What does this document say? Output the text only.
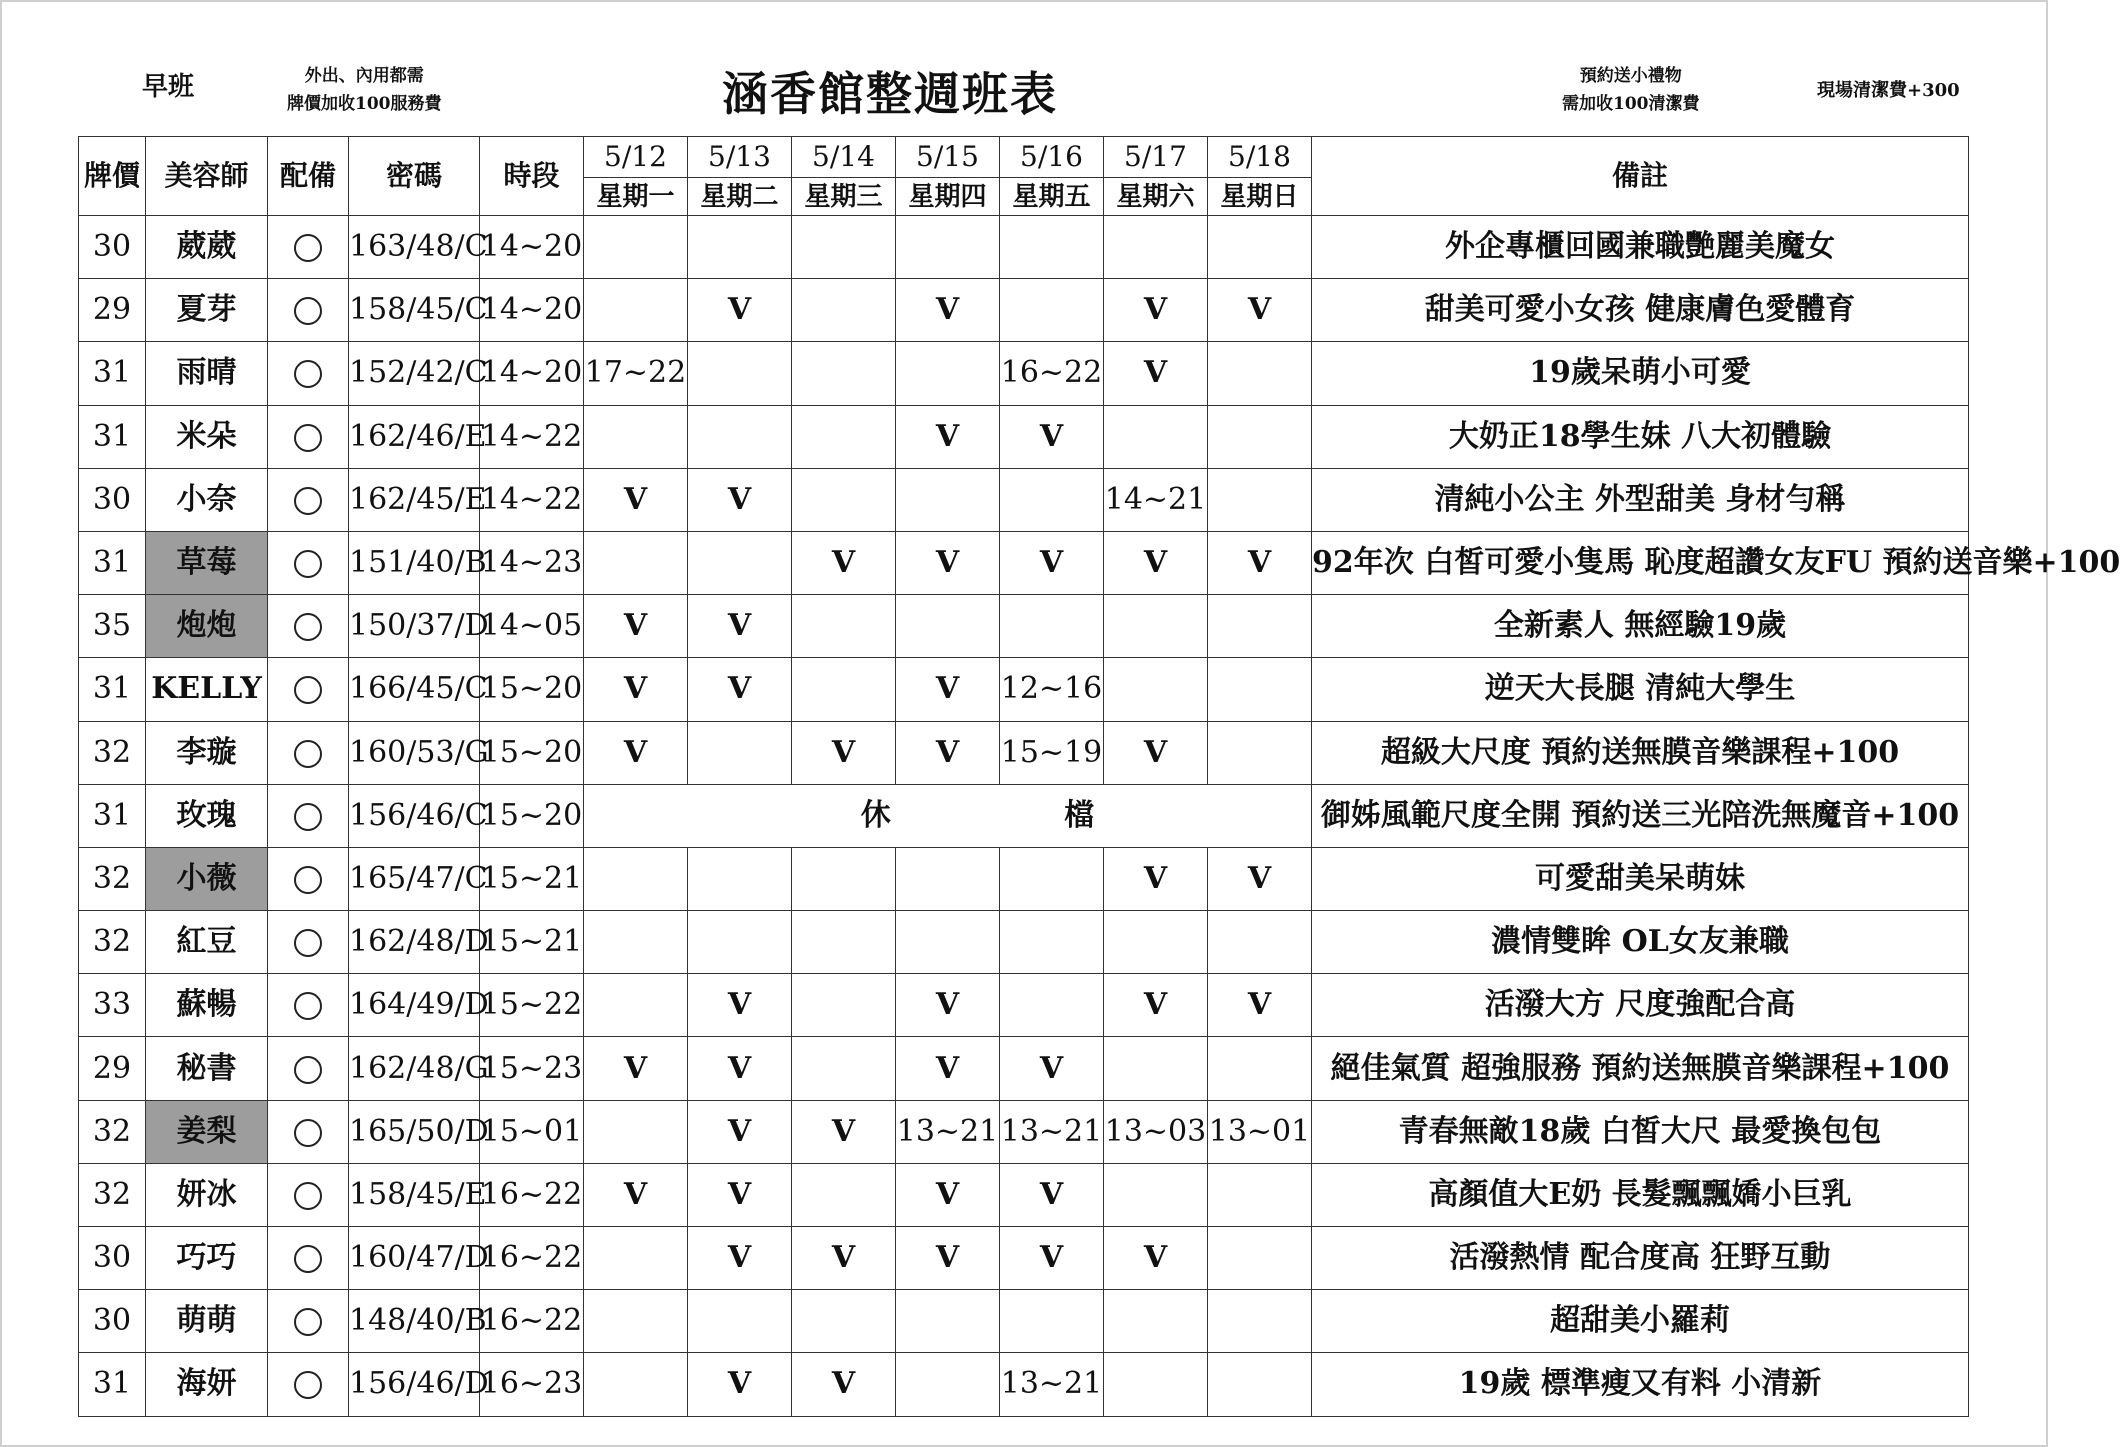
早班	外出、內用都需
牌價加收100服務費	涵香館整週班表	預約送小禮物
需加收100清潔費
現場清潔費+300
牌價	美容師	配備	密碼	時段	5/12	5/13	5/14	5/15	5/16	5/17	5/18	備註
					星期一	星期二	星期三	星期四	星期五	星期六	星期日	
30	葳葳		163/48/C	14~20								外企專櫃回國兼職艷麗美魔女
29	夏芽		158/45/C	14~20		V		V		V	V	甜美可愛小女孩 健康膚色愛體育
31	雨晴		152/42/C	14~20	17~22				16~22	V		19歲呆萌小可愛
31	米朵		162/46/E	14~22				V	V			大奶正18學生妹 八大初體驗
30	小奈		162/45/E	14~22	V	V				14~21		清純小公主 外型甜美 身材勻稱
31	草莓		151/40/B	14~23			V	V	V	V	V	92年次 白皙可愛小隻馬 恥度超讚女友FU 預約送音樂+100
35	炮炮		150/37/D	14~05	V	V						全新素人 無經驗19歲
31	KELLY		166/45/C	15~20	V	V		V	12~16			逆天大長腿 清純大學生
32	李璇		160/53/G	15~20	V		V	V	15~19	V		超級大尺度 預約送無膜音樂課程+100
31	玫瑰		156/46/C	15~20	休 檔							御姊風範尺度全開 預約送三光陪洗無魔音+100
32	小薇		165/47/C	15~21						V	V	可愛甜美呆萌妹
32	紅豆		162/48/D	15~21								濃情雙眸 OL女友兼職
33	蘇暢		164/49/D	15~22		V		V		V	V	活潑大方 尺度強配合高
29	秘書		162/48/G	15~23	V	V		V	V			絕佳氣質 超強服務 預約送無膜音樂課程+100
32	姜梨		165/50/D	15~01		V	V	13~21	13~21	13~03	13~01	青春無敵18歲 白皙大尺 最愛換包包
32	妍冰		158/45/E	16~22	V	V		V	V			高顏值大E奶 長髮飄飄嬌小巨乳
30	巧巧		160/47/D	16~22		V	V	V	V	V		活潑熱情 配合度高 狂野互動
30	萌萌		148/40/B	16~22								超甜美小羅莉
31	海妍		156/46/D	16~23		V	V		13~21			19歲 標準瘦又有料 小清新
